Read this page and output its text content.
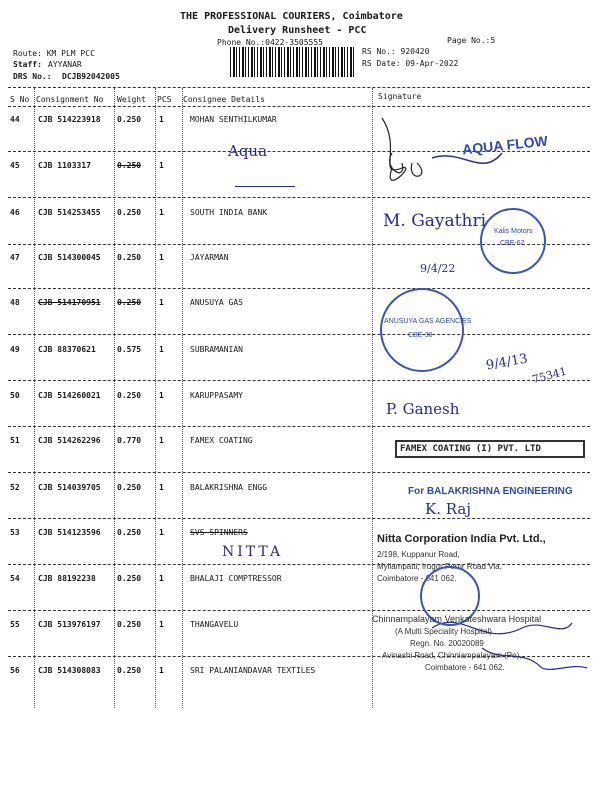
THE PROFESSIONAL COURIERS, Coimbatore
Delivery Runsheet - PCC
Phone No.:0422-3505555	Page No.:5
Route: KM PLM PCC
Staff: AYYANAR
DRS No.: DCJB92042005
RS No.: 920420
RS Date: 09-Apr-2022
S No Consignment No Weight PCS Consignee Details	Signature
44 CJB 514223918 0.250 1	MOHAN SENTHILKUMAR
45 CJB 1103317	0.250 1
46 CJB 514253455 0.250 1	SOUTH INDIA BANK
47 CJB 514300045 0.250 1	JAYARMAN
48 CJB 514170951 0.250 1	ANUSUYA GAS
49 CJB 88370621	0.575 1	SUBRAMANIAN
50 CJB 514260021 0.250 1	KARUPPASAMY
51 CJB 514262296 0.770 1	FAMEX COATING
52 CJB 514039705 0.250 1	BALAKRISHNA ENGG
53 CJB 514123596 0.250 1	SVS SPINNERS
54 CJB 88192238	0.250 1	BHALAJI COMPTRESSOR
55 CJB 513976197 0.250 1	THANGAVELU
56 CJB 514308083 0.250 1	SRI PALANIANDAVAR TEXTILES
AQUA FLOW
Aqua
Kalis Motors
CBE-62
M. Gayathri
9/4/22
ANUSUYA GAS AGENCIES
CBE-38
9/4/13
75341
P. Ganesh
FAMEX COATING (I) PVT. LTD
For BALAKRISHNA ENGINEERING
K. Raj
NITTA
Nitta Corporation India Pvt. Ltd.,
2/198, Kuppanur Road,
Myilampatti, Irugur Perur Road Via,
Coimbatore - 641 062.
Chinnampalayam Venkateshwara Hospital
(A Multi Speciality Hospital)
Regn. No. 20020089
Avinashi Road, Chinniampalayam (Po),
Coimbatore - 641 062.
